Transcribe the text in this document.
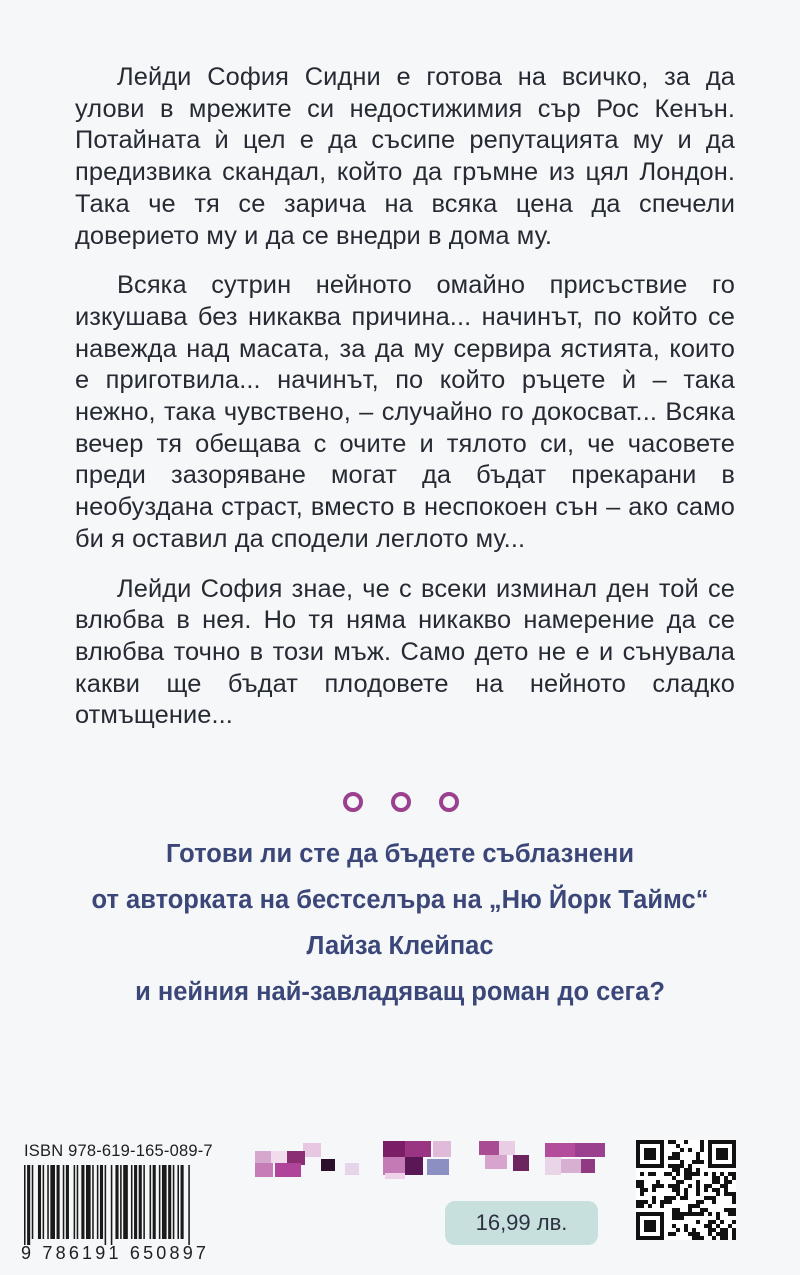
Лейди София Сидни е готова на всичко, за да улови в мрежите си недостижимия сър Рос Кенън. Потайната ѝ цел е да съсипе репутацията му и да предизвика скандал, който да гръмне из цял Лондон. Така че тя се зарича на всяка цена да спечели доверието му и да се внедри в дома му.

Всяка сутрин нейното омайно присъствие го изкушава без никаква причина... начинът, по който се навежда над масата, за да му сервира ястията, които е приготвила... начинът, по който ръцете ѝ – така нежно, така чувствено, – случайно го докосват... Всяка вечер тя обещава с очите и тялото си, че часовете преди зазоряване могат да бъдат прекарани в необуздана страст, вместо в неспокоен сън – ако само би я оставил да сподели леглото му...

Лейди София знае, че с всеки изминал ден той се влюбва в нея. Но тя няма никакво намерение да се влюбва точно в този мъж. Само дето не е и сънувала какви ще бъдат плодовете на нейното сладко отмъщение...

Готови ли сте да бъдете съблазнени
от авторката на бестселъра на „Ню Йорк Таймс“
Лайза Клейпас
и нейния най-завладяващ роман до сега?
ISBN 978-619-165-089-7
9 786191 650897
16,99 лв.
